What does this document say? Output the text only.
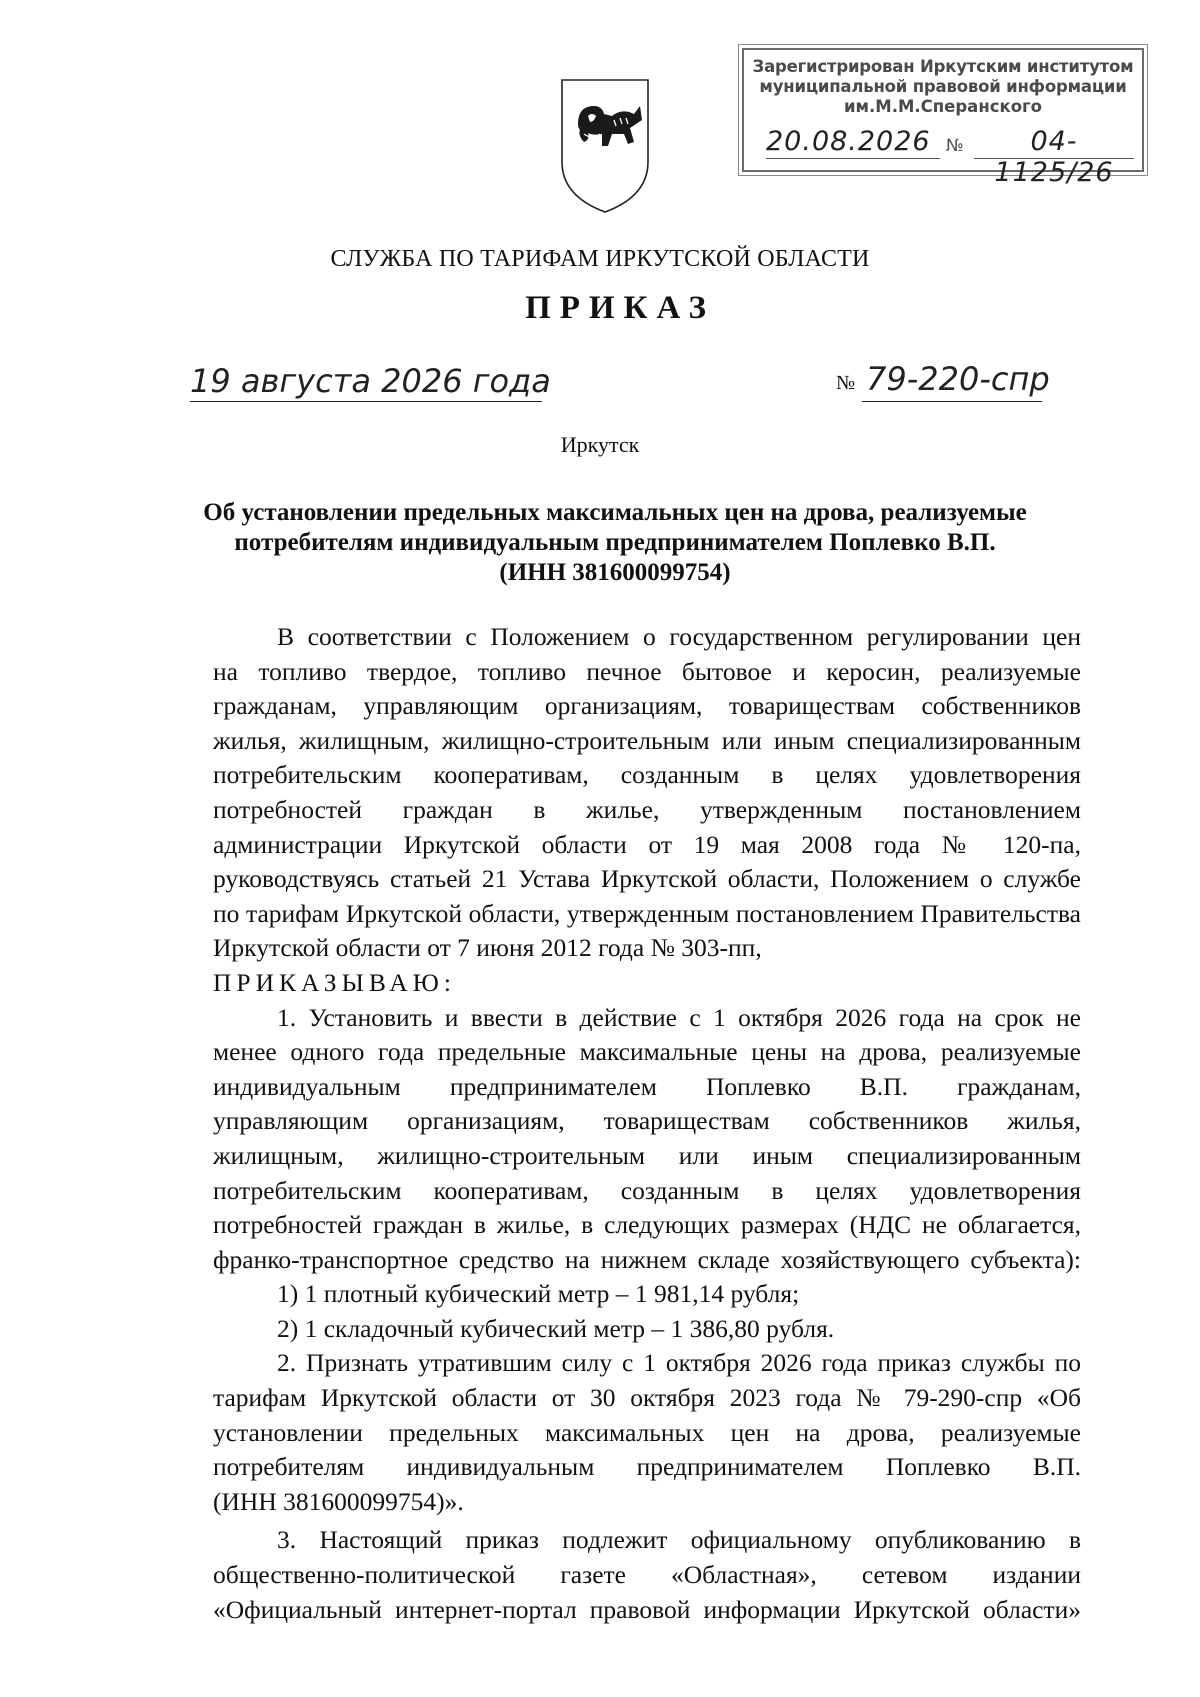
Зарегистрирован Иркутским институтом
муниципальной правовой информации
им.М.М.Сперанского
20.08.2026 №	04-1125/26
СЛУЖБА ПО ТАРИФАМ ИРКУТСКОЙ ОБЛАСТИ
ПРИКАЗ
19 августа 2026 года	№ 79-220-спр
Иркутск
Об установлении предельных максимальных цен на дрова, реализуемые
потребителям индивидуальным предпринимателем Поплевко В.П.
(ИНН 381600099754)

В соответствии с Положением о государственном регулировании цен

на топливо твердое, топливо печное бытовое и керосин, реализуемые

гражданам, управляющим организациям, товариществам собственников

жилья, жилищным, жилищно-строительным или иным специализированным

потребительским кооперативам, созданным в целях удовлетворения

потребностей граждан в жилье, утвержденным постановлением

администрации Иркутской области от 19 мая 2008 года № 120-па,

руководствуясь статьей 21 Устава Иркутской области, Положением о службе

по тарифам Иркутской области, утвержденным постановлением Правительства

Иркутской области от 7 июня 2012 года № 303-пп,

ПРИКАЗЫВАЮ:

1. Установить и ввести в действие с 1 октября 2026 года на срок не

менее одного года предельные максимальные цены на дрова, реализуемые

индивидуальным предпринимателем Поплевко В.П. гражданам,

управляющим организациям, товариществам собственников жилья,

жилищным, жилищно-строительным или иным специализированным

потребительским кооперативам, созданным в целях удовлетворения

потребностей граждан в жилье, в следующих размерах (НДС не облагается,

франко-транспортное средство на нижнем складе хозяйствующего субъекта):

1) 1 плотный кубический метр – 1 981,14 рубля;

2) 1 складочный кубический метр – 1 386,80 рубля.

2. Признать утратившим силу с 1 октября 2026 года приказ службы по

тарифам Иркутской области от 30 октября 2023 года № 79-290-спр «Об

установлении предельных максимальных цен на дрова, реализуемые

потребителям индивидуальным предпринимателем Поплевко В.П.

(ИНН 381600099754)».

3. Настоящий приказ подлежит официальному опубликованию в

общественно-политической газете «Областная», сетевом издании

«Официальный интернет-портал правовой информации Иркутской области»
